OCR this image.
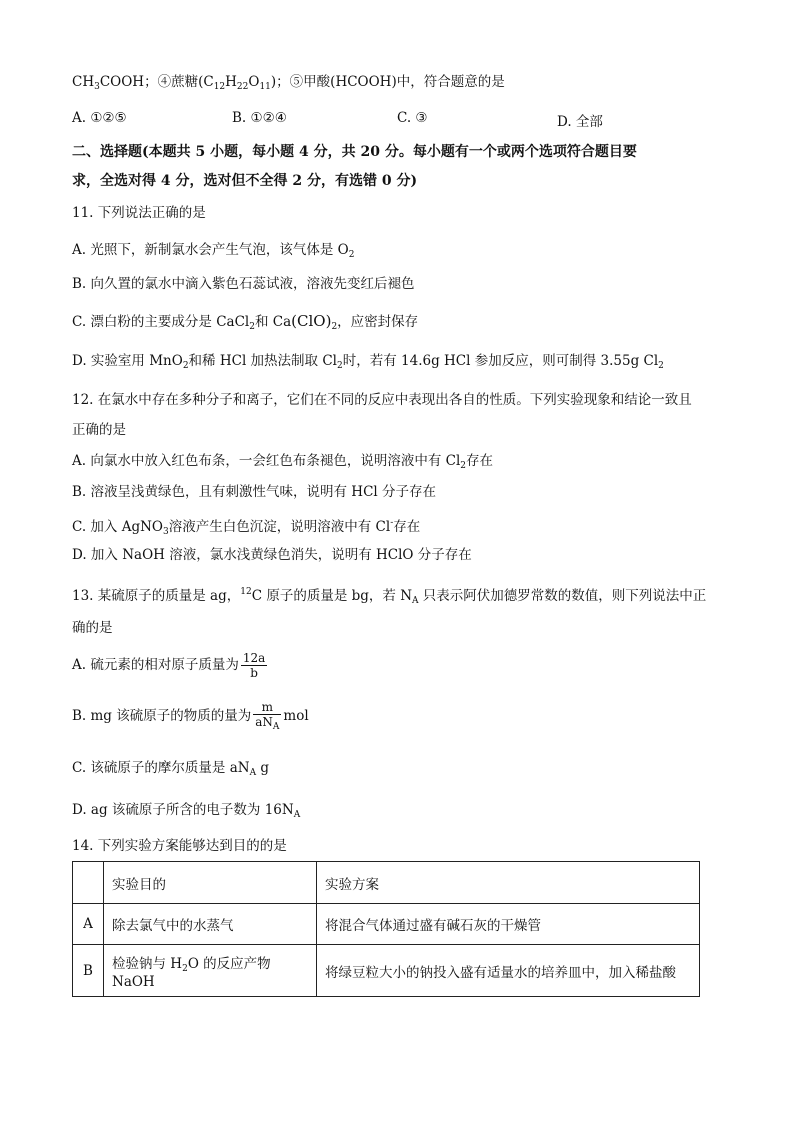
$CH_3COOH$；④蔗糖$(C_{12}H_{22}O_{11})$；⑤甲酸(HCOOH)中，符合题意的是
A. ①②⑤	B. ①②④	C. ③	D. 全部
二、选择题(本题共 5 小题，每小题 4 分，共 20 分。每小题有一个或两个选项符合题目要
求，全选对得 4 分，选对但不全得 2 分，有选错 0 分)
11. 下列说法正确的是
A. 光照下，新制氯水会产生气泡，该气体是 $O_2$
B. 向久置的氯水中滴入紫色石蕊试液，溶液先变红后褪色
C. 漂白粉的主要成分是 CaCl$_2$和 $Ca(ClO)_2$，应密封保存
D. 实验室用 MnO$_2$和稀 HCl 加热法制取 $Cl_2$时，若有 14.6g HCl 参加反应，则可制得 3.55g $Cl_2$
12. 在氯水中存在多种分子和离子，它们在不同的反应中表现出各自的性质。下列实验现象和结论一致且
正确的是
A. 向氯水中放入红色布条，一会红色布条褪色，说明溶液中有 $Cl_2$存在
B. 溶液呈浅黄绿色，且有刺激性气味，说明有 HCl 分子存在
C. 加入 AgNO$_3$溶液产生白色沉淀，说明溶液中有 Cl-存在
D. 加入 NaOH 溶液，氯水浅黄绿色消失，说明有 HClO 分子存在
13. 某硫原子的质量是 ag，$^{12}$C 原子的质量是 bg，若 $N_A$ 只表示阿伏加德罗常数的数值，则下列说法中正
确的是
A. 硫元素的相对原子质量为 $\frac{12a}{b}$
B. mg 该硫原子的物质的量为 $\frac{m}{aN_A}$ mol
C. 该硫原子的摩尔质量是 $aN_A$ g
D. ag 该硫原子所含的电子数为 $16N_A$
14. 下列实验方案能够达到目的的是
	实验目的	实验方案
A	除去氯气中的水蒸气	将混合气体通过盛有碱石灰的干燥管
B	检验钠与 $H_2O$ 的反应产物 NaOH	将绿豆粒大小的钠投入盛有适量水的培养皿中，加入稀盐酸
